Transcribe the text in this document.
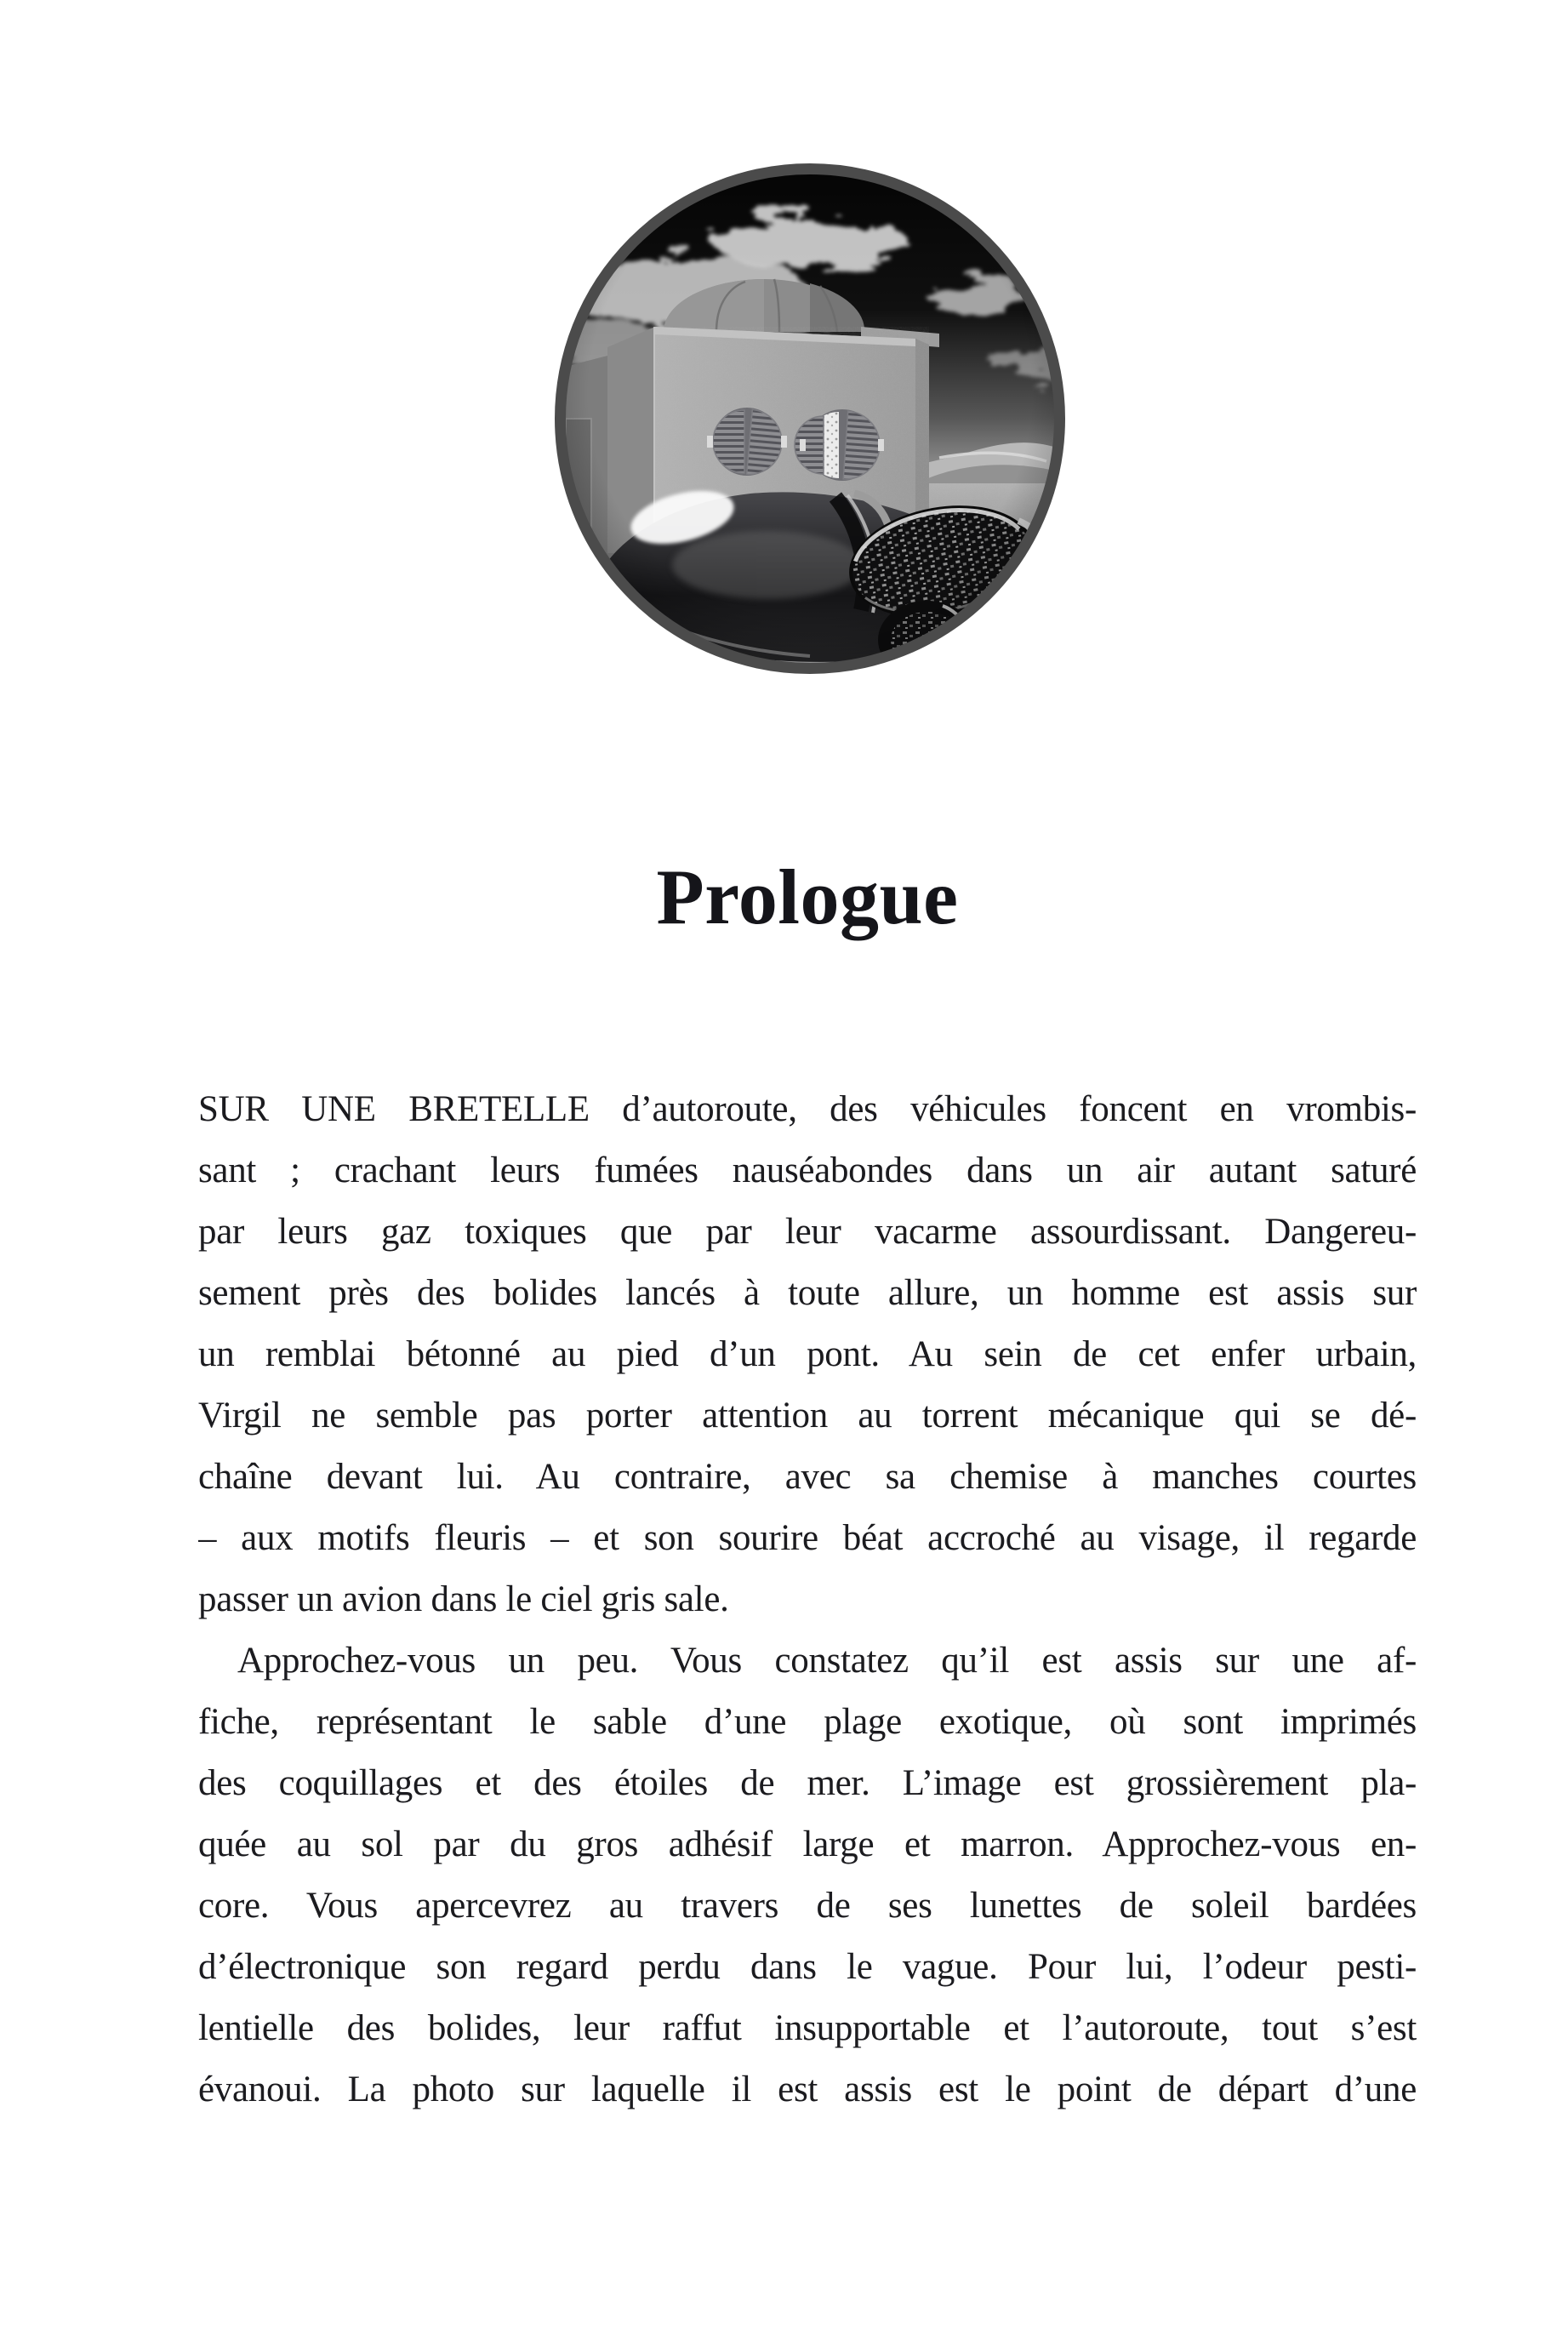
Prologue
SUR UNE BRETELLE d’autoroute, des véhicules foncent en vrombis-
sant ; crachant leurs fumées nauséabondes dans un air autant saturé
par leurs gaz toxiques que par leur vacarme assourdissant. Dangereu-
sement près des bolides lancés à toute allure, un homme est assis sur
un remblai bétonné au pied d’un pont. Au sein de cet enfer urbain,
Virgil ne semble pas porter attention au torrent mécanique qui se dé-
chaîne devant lui. Au contraire, avec sa chemise à manches courtes
– aux motifs fleuris – et son sourire béat accroché au visage, il regarde
passer un avion dans le ciel gris sale.
Approchez-vous un peu. Vous constatez qu’il est assis sur une af-
fiche, représentant le sable d’une plage exotique, où sont imprimés
des coquillages et des étoiles de mer. L’image est grossièrement pla-
quée au sol par du gros adhésif large et marron. Approchez-vous en-
core. Vous apercevrez au travers de ses lunettes de soleil bardées
d’électronique son regard perdu dans le vague. Pour lui, l’odeur pesti-
lentielle des bolides, leur raffut insupportable et l’autoroute, tout s’est
évanoui. La photo sur laquelle il est assis est le point de départ d’une
